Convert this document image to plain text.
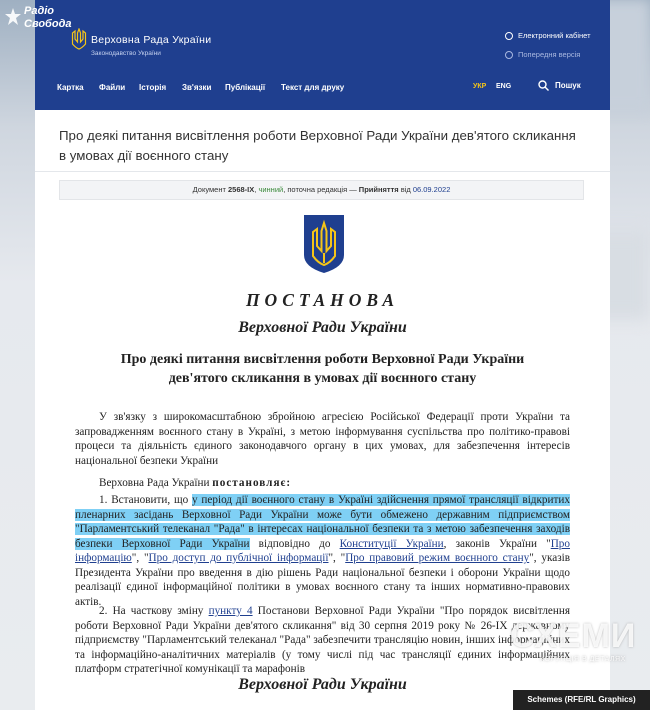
Верховна Рада України
Законодавство України
Електронний кабінет
Попередня версія
Картка Файли Історія Зв'язки Публікації Текст для друку	УКР ENG	Пошук
Радіо
Свобода
Про деякі питання висвітлення роботи Верховної Ради України дев'ятого скликання в умовах дії воєнного стану
Документ 2568-IX, чинний, поточна редакція — Прийняття від 06.09.2022
ПОСТАНОВА
Верховної Ради України
Про деякі питання висвітлення роботи Верховної Ради України дев'ятого скликання в умовах дії воєнного стану
У зв'язку з широкомасштабною збройною агресією Російської Федерації проти України та запровадженням воєнного стану в Україні, з метою інформування суспільства про політико-правові процеси та діяльність єдиного законодавчого органу в цих умовах, для забезпечення інтересів національної безпеки України
Верховна Рада України постановляє:
1. Встановити, що у період дії воєнного стану в Україні здійснення прямої трансляції відкритих пленарних засідань Верховної Ради України може бути обмежено державним підприємством "Парламентський телеканал "Рада" в інтересах національної безпеки та з метою забезпечення заходів безпеки Верховної Ради України відповідно до Конституції України, законів України "Про інформацію", "Про доступ до публічної інформації", "Про правовий режим воєнного стану", указів Президента України про введення в дію рішень Ради національної безпеки і оборони України щодо реалізації єдиної інформаційної політики в умовах воєнного стану та інших нормативно-правових актів.
2. На часткову зміну пункту 4 Постанови Верховної Ради України "Про порядок висвітлення роботи Верховної Ради України дев'ятого скликання" від 30 серпня 2019 року № 26-IX державному підприємству "Парламентський телеканал "Рада" забезпечити трансляцію новин, інших інформаційних та інформаційно-аналітичних матеріалів (у тому числі під час трансляції єдиних інформаційних платформ стратегічної комунікації та марафонів
Верховної Ради України
СХЕМИ
КОРУПЦІЯ В ДЕТАЛЯХ
Schemes (RFE/RL Graphics)
